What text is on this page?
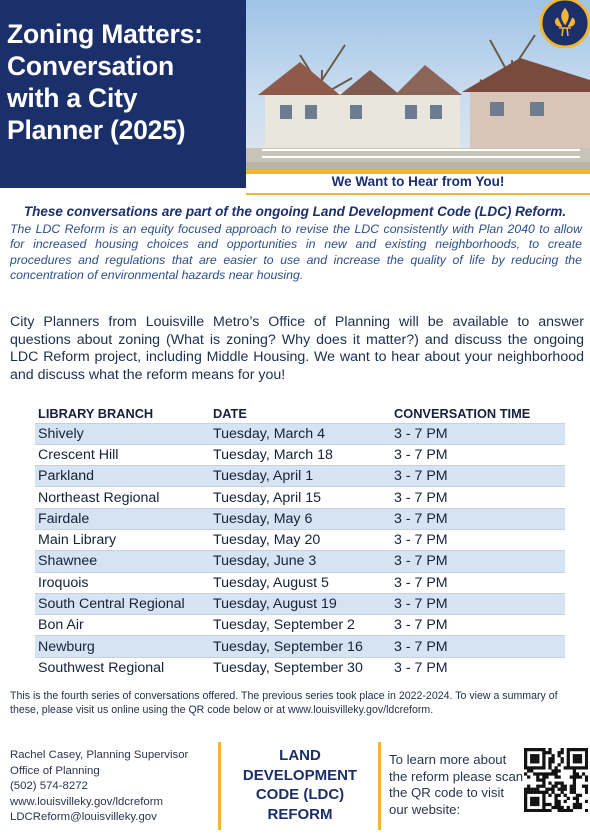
Zoning Matters:
Conversation
with a City
Planner (2025)
We Want to Hear from You!

These conversations are part of the ongoing Land Development Code (LDC) Reform.

The LDC Reform is an equity focused approach to revise the LDC consistently with Plan 2040 to allow for increased housing choices and opportunities in new and existing neighborhoods, to create procedures and regulations that are easier to use and increase the quality of life by reducing the concentration of environmental hazards near housing.

City Planners from Louisville Metro’s Office of Planning will be available to answer questions about zoning (What is zoning? Why does it matter?) and discuss the ongoing LDC Reform project, including Middle Housing. We want to hear about your neighborhood and discuss what the reform means for you!

LIBRARY BRANCH	DATE	CONVERSATION TIME
Shively	Tuesday, March 4	3 - 7 PM
Crescent Hill	Tuesday, March 18	3 - 7 PM
Parkland	Tuesday, April 1	3 - 7 PM
Northeast Regional	Tuesday, April 15	3 - 7 PM
Fairdale	Tuesday, May 6	3 - 7 PM
Main Library	Tuesday, May 20	3 - 7 PM
Shawnee	Tuesday, June 3	3 - 7 PM
Iroquois	Tuesday, August 5	3 - 7 PM
South Central Regional	Tuesday, August 19	3 - 7 PM
Bon Air	Tuesday, September 2	3 - 7 PM
Newburg	Tuesday, September 16	3 - 7 PM
Southwest Regional	Tuesday, September 30	3 - 7 PM

This is the fourth series of conversations offered. The previous series took place in 2022-2024. To view a summary of these, please visit us online using the QR code below or at www.louisvilleky.gov/ldcreform.

Rachel Casey, Planning Supervisor
Office of Planning
(502) 574-8272
www.louisvilleky.gov/ldcreform
LDCReform@louisvilleky.gov
LAND
DEVELOPMENT
CODE (LDC)
REFORM

To learn more about the reform please scan the QR code to visit our website:
